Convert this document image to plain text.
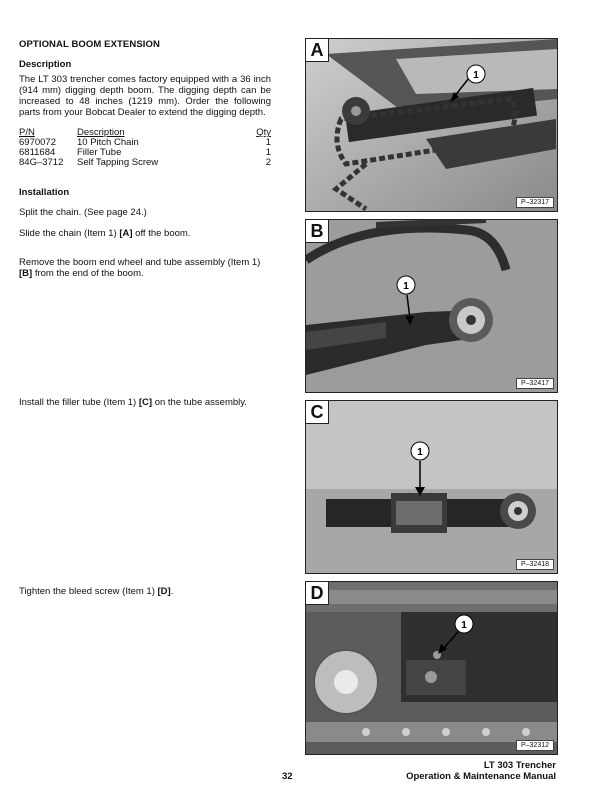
OPTIONAL BOOM EXTENSION
Description
The LT 303 trencher comes factory equipped with a 36 inch (914 mm) digging depth boom. The digging depth can be increased to 48 inches (1219 mm). Order the following parts from your Bobcat Dealer to extend the digging depth.
P/N	Description	Qty
6970072	10 Pitch Chain	1
6811684	Filler Tube	1
84G–3712	Self Tapping Screw	2
Installation
Split the chain. (See page 24.)
Slide the chain (Item 1) [A] off the boom.
Remove the boom end wheel and tube assembly (Item 1) [B] from the end of the boom.
Install the filler tube (Item 1) [C] on the tube assembly.
Tighten the bleed screw (Item 1) [D].
A
1
P–32317
B
1
P–32417
C
1
P–32418
D
1
P–32312
32
LT 303 Trencher
Operation & Maintenance Manual
